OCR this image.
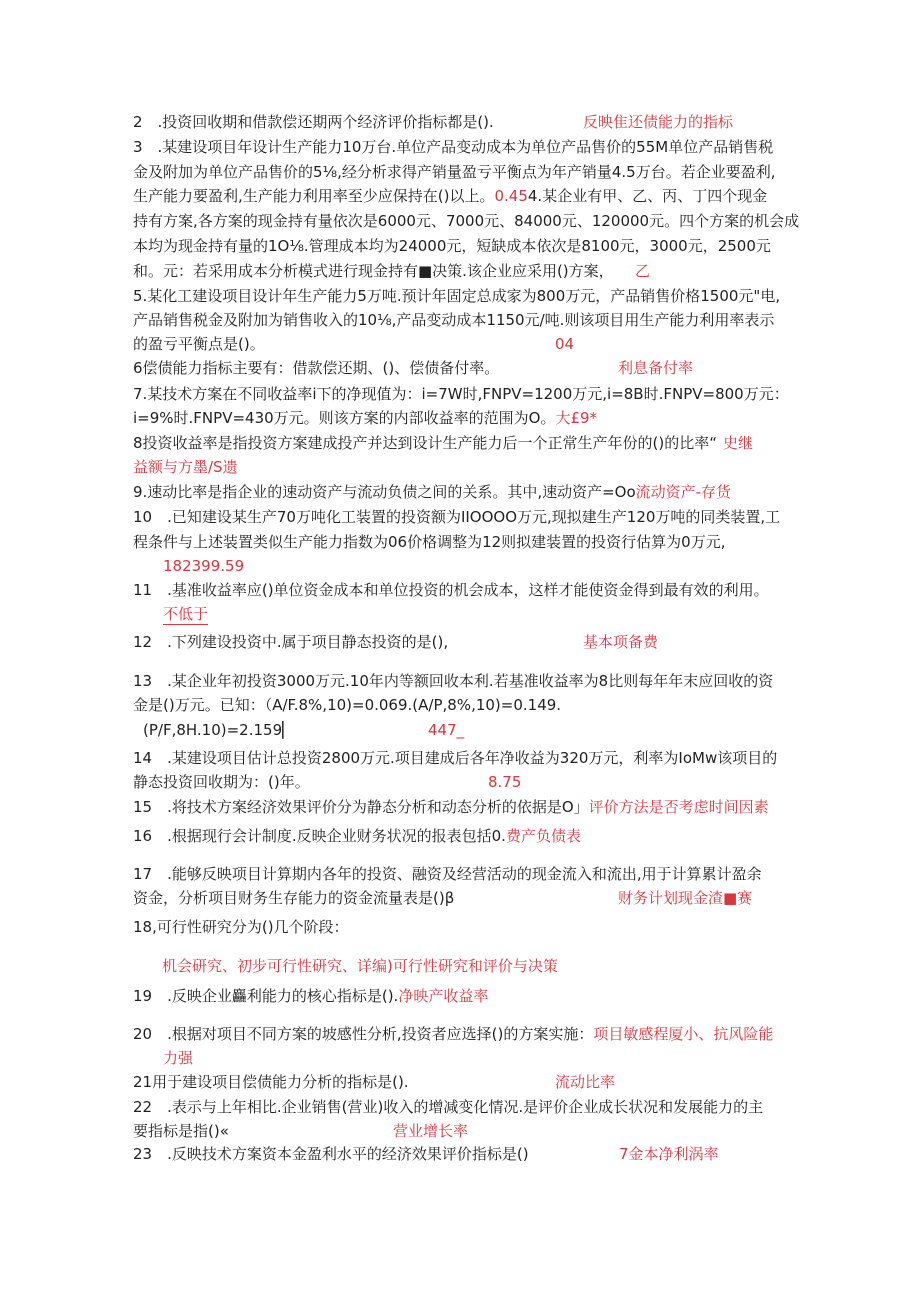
2　.投资回收期和借款偿还期两个经济评价指标都是().	反映隹还债能力的指标
3　.某建设项目年设计生产能力10万台.单位产品变动成本为单位产品售价的55M单位产品销售税
金及附加为单位产品售价的5⅛,经分析求得产销量盈亏平衡点为年产销量4.5万台。若企业要盈利,
生产能力要盈利,生产能力利用率至少应保持在()以上。0.454.某企业有甲、乙、丙、丁四个现金
持有方案,各方案的现金持有量依次是6000元、7000元、84000元、120000元。四个方案的机会成
本均为现金持有量的1O⅛.管理成本均为24000元，短缺成本依次是8100元，3000元，2500元
和。元：若采用成本分析模式进行现金持有■决策.该企业应采用()方案， 乙
5.某化工建设项目设计年生产能力5万吨.预计年固定总成家为800万元，产品销售价格1500元"电,
产品销售税金及附加为销售收入的10⅛,产品变动成本1150元/吨.则该项目用生产能力利用率表示
的盈亏平衡点是()。	04
6偿债能力指标主要有：借款偿还期、()、偿债备付率。	利息备付率
7.某技术方案在不同收益率i下的净现值为：i=7W时,FNPV=1200万元,i=8B时.FNPV=800万元：
i=9%时.FNPV=430万元。则该方案的内部收益率的范围为O。大£9*
8投资收益率是指投资方案建成投产并达到设计生产能力后一个正常生产年份的()的比率“ 史继
益额与方墨/S遗
9.速动比率是指企业的速动资产与流动负债之间的关系。其中,速动资产=Oo流动资产-存货
10　.已知建设某生产70万吨化工装置的投资额为IIOOOO万元,现拟建生产120万吨的同类装置,工
程条件与上述装置类似生产能力指数为06价格调整为12则拟建装置的投资行估算为0万元,
182399.59
11　.基准收益率应()单位资金成本和单位投资的机会成本，这样才能使资金得到最有效的利用。
不低于
12　.下列建设投资中.属于项目静态投资的是(),	基本项备费
13　.某企业年初投资3000万元.10年内等额回收本利.若基准收益率为8比则每年年末应回收的资
金是()万元。已知：（A/F.8%,10)=0.069.(A/P,8%,10)=0.149.
(P/F,8H.10)=2.159▏	447_
14　.某建设项目估计总投资2800万元.项目建成后各年净收益为320万元，利率为IoMw该项目的
静态投资回收期为：()年。	8.75
15　.将技术方案经济效果评价分为静态分析和动态分析的依据是O」评价方法是否考虑时间因素
16　.根据现行会计制度.反映企业财务状况的报表包括0.费产负债表
17　.能够反映项目计算期内各年的投资、融资及经营活动的现金流入和流出,用于计算累计盈余
资金，分析项目财务生存能力的资金流量表是()β	财务计划现金渣■赛
18,可行性研究分为()几个阶段：
机会研究、初步可行性研究、详编)可行性研究和评价与决策
19　.反映企业麤利能力的核心指标是().净映产收益率
20　.根据对项目不同方案的坡感性分析,投资者应选择()的方案实施：项目敏感程厦小、抗风险能
力强
21用于建设项目偿债能力分析的指标是().	流动比率
22　.表示与上年相比.企业销售(营业)收入的增减变化情况.是评价企业成长状况和发展能力的主
要指标是指()«	营业增长率
23　.反映技术方案资本金盈利水平的经济效果评价指标是()	7金本净利涡率
